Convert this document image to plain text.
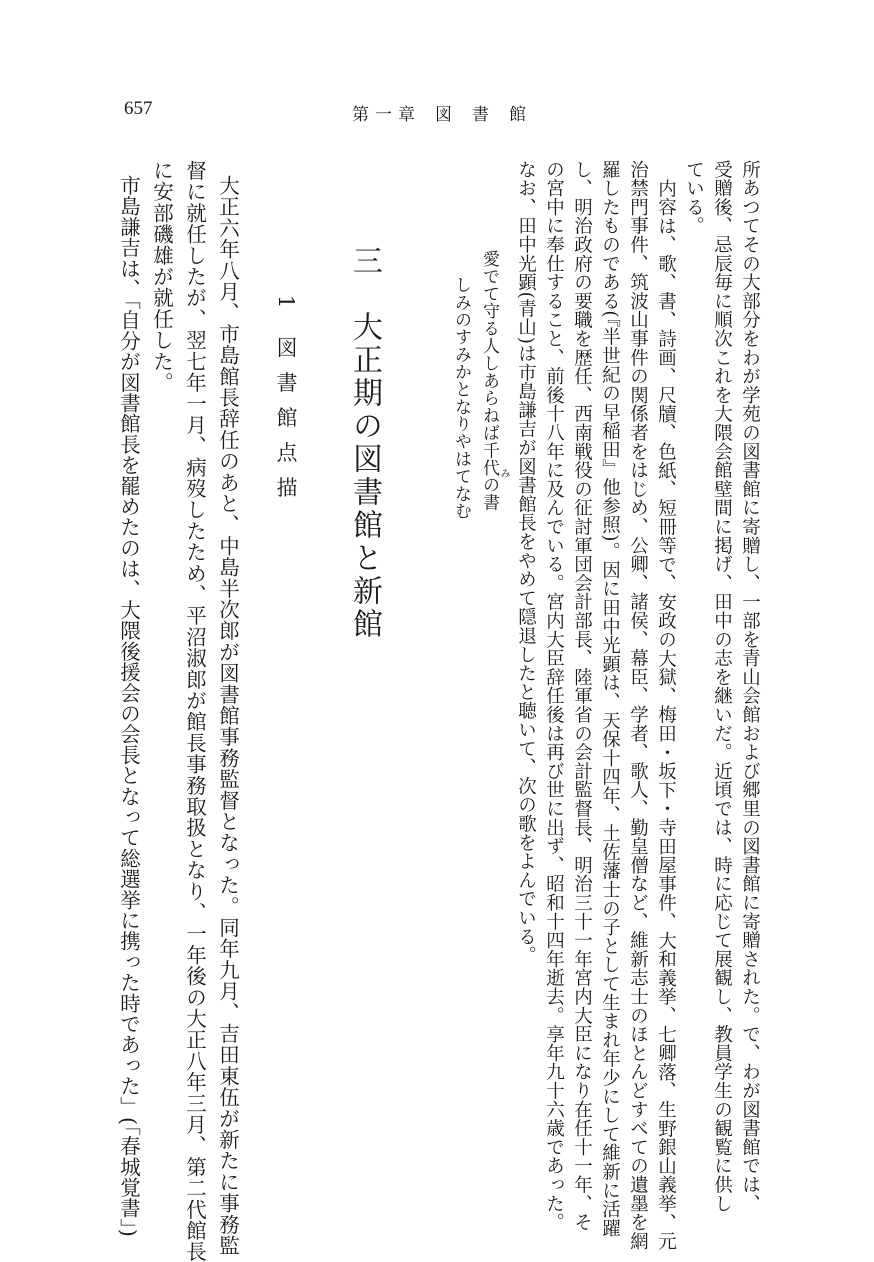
657	第一章 図 書 館
所あつてその大部分をわが学苑の図書館に寄贈し、一部を青山会館および郷里の図書館に寄贈された。で、わが図書館では、
受贈後、忌辰毎に順次これを大隈会館壁間に掲げ、田中の志を継いだ。近頃では、時に応じて展観し、教員学生の観覧に供し
ている。
内容は、歌、書、詩画、尺牘、色紙、短冊等で、安政の大獄、梅田・坂下・寺田屋事件、大和義挙、七卿落、生野銀山義挙、元
治禁門事件、筑波山事件の関係者をはじめ、公卿、諸侯、幕臣、学者、歌人、勤皇僧など、維新志士のほとんどすべての遺墨を網
羅したものである(『半世紀の早稲田』他参照)。因に田中光顕は、天保十四年、土佐藩士の子として生まれ年少にして維新に活躍
し、明治政府の要職を歴任、西南戦役の征討軍団会計部長、陸軍省の会計監督長、明治三十一年宮内大臣になり在任十一年、そ
の宮中に奉仕すること、前後十八年に及んでいる。宮内大臣辞任後は再び世に出ず、昭和十四年逝去。享年九十六歳であった。
なお、田中光顕(青山)は市島謙吉が図書館長をやめて隠退したと聴いて、次の歌をよんでいる。
愛でて守る人しあらねば千代の書 み
しみのすみかとなりやはてなむ
三　大正期の図書館と新館
1図書館点描
大正六年八月、市島館長辞任のあと、中島半次郎が図書館事務監督となった。同年九月、吉田東伍が新たに事務監
督に就任したが、翌七年一月、病歿したため、平沼淑郎が館長事務取扱となり、一年後の大正八年三月、第二代館長
に安部磯雄が就任した。
市島謙吉は、「自分が図書館長を罷めたのは、大隈後援会の会長となって総選挙に携った時であった」(「春城覚書」)
